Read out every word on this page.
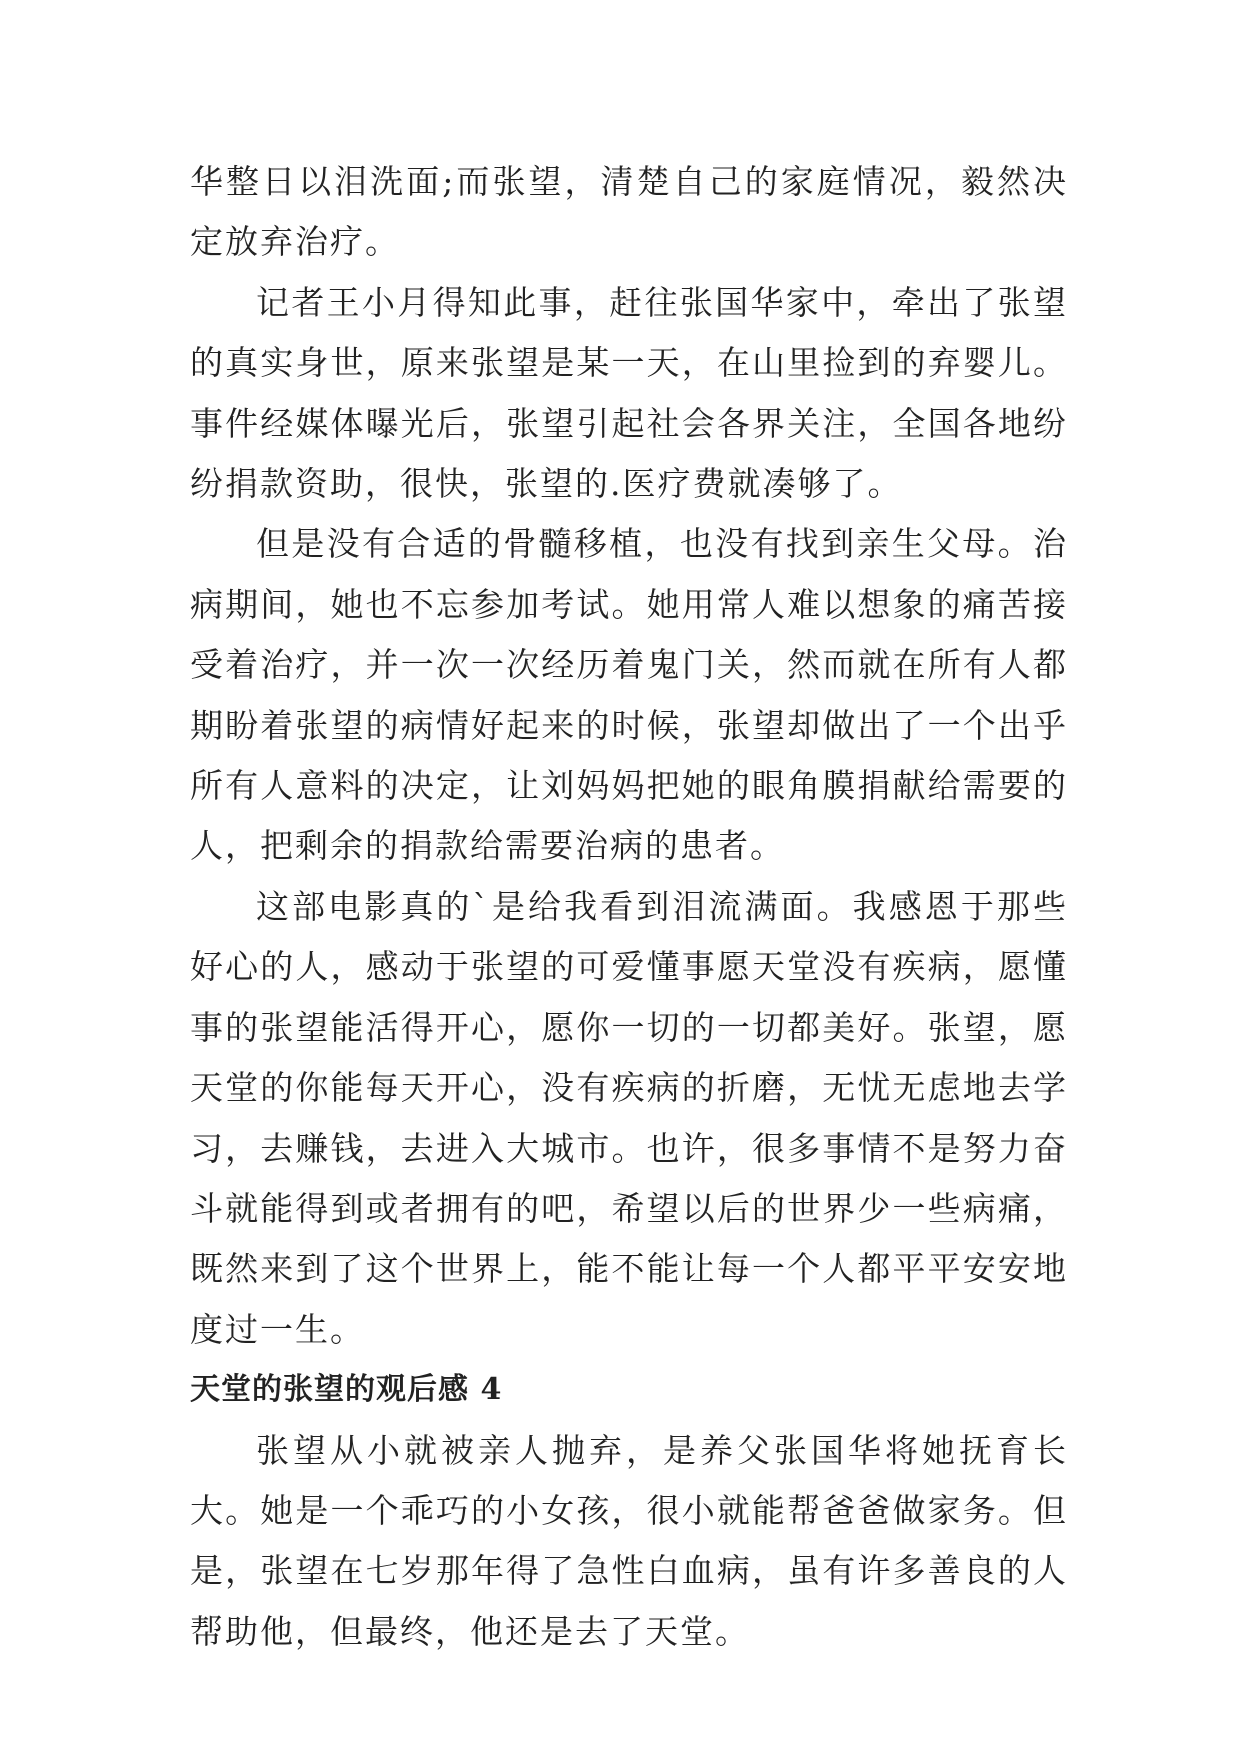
华整日以泪洗面;而张望，清楚自己的家庭情况，毅然决定放弃治疗。

记者王小月得知此事，赶往张国华家中，牵出了张望的真实身世，原来张望是某一天，在山里捡到的弃婴儿。事件经媒体曝光后，张望引起社会各界关注，全国各地纷纷捐款资助，很快，张望的.医疗费就凑够了。

但是没有合适的骨髓移植，也没有找到亲生父母。治病期间，她也不忘参加考试。她用常人难以想象的痛苦接受着治疗，并一次一次经历着鬼门关，然而就在所有人都期盼着张望的病情好起来的时候，张望却做出了一个出乎所有人意料的决定，让刘妈妈把她的眼角膜捐献给需要的人，把剩余的捐款给需要治病的患者。

这部电影真的`是给我看到泪流满面。我感恩于那些好心的人，感动于张望的可爱懂事愿天堂没有疾病，愿懂事的张望能活得开心，愿你一切的一切都美好。张望，愿天堂的你能每天开心，没有疾病的折磨，无忧无虑地去学习，去赚钱，去进入大城市。也许，很多事情不是努力奋斗就能得到或者拥有的吧，希望以后的世界少一些病痛，既然来到了这个世界上，能不能让每一个人都平平安安地度过一生。

天堂的张望的观后感 4

张望从小就被亲人抛弃，是养父张国华将她抚育长大。她是一个乖巧的小女孩，很小就能帮爸爸做家务。但是，张望在七岁那年得了急性白血病，虽有许多善良的人帮助他，但最终，他还是去了天堂。
